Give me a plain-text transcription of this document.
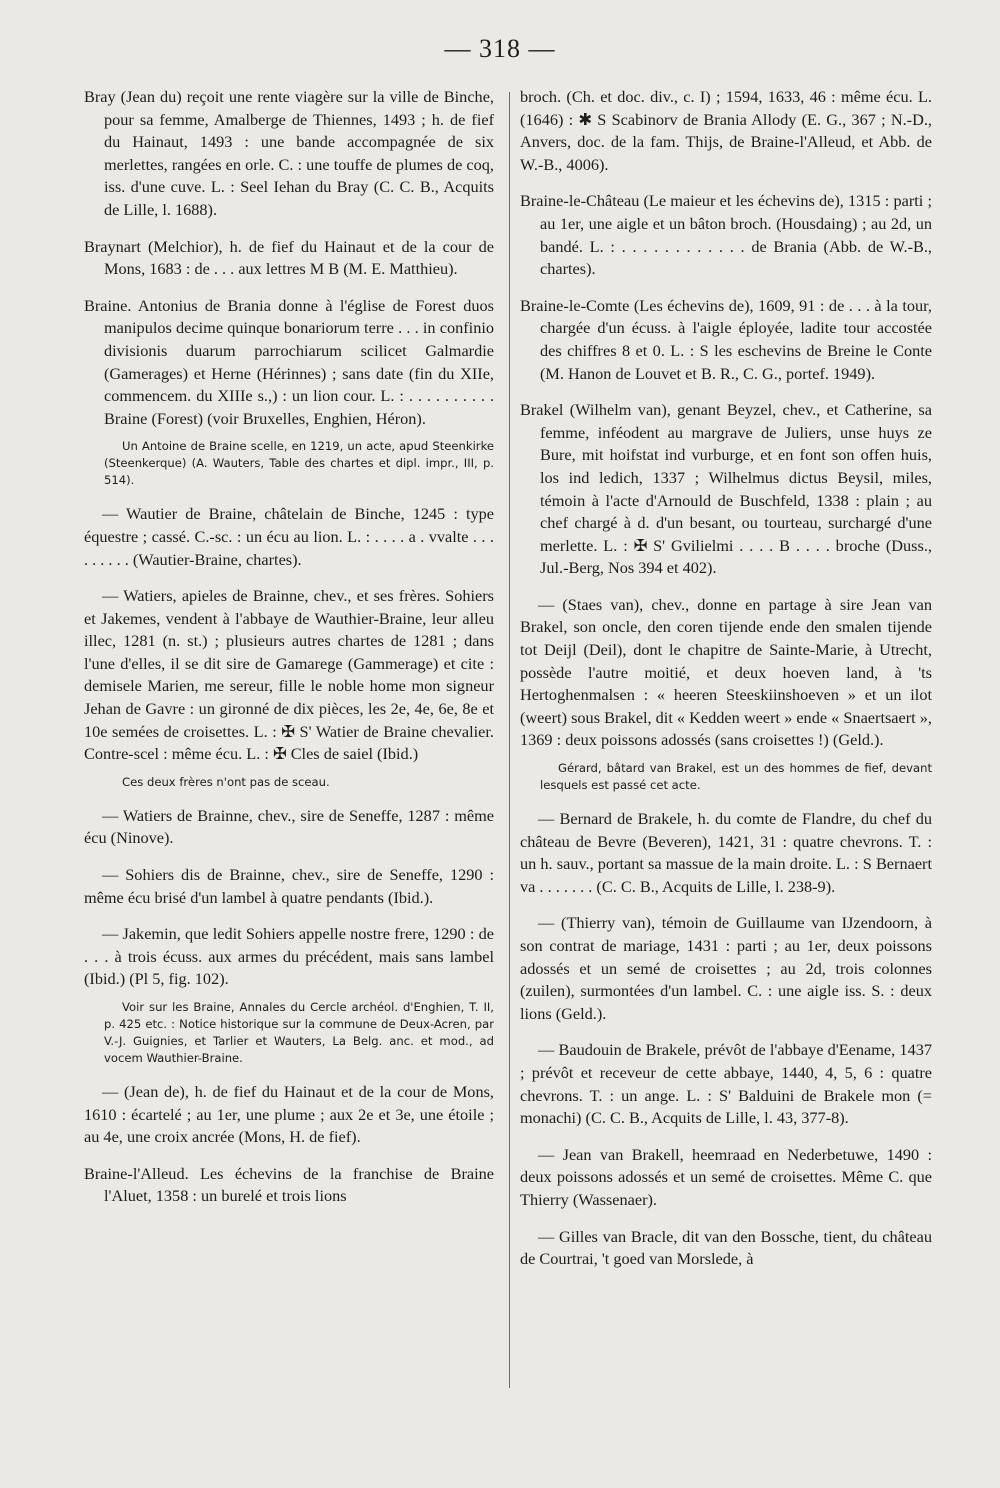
— 318 —

Bray (Jean du) reçoit une rente viagère sur la ville de Binche, pour sa femme, Amalberge de Thiennes, 1493 ; h. de fief du Hainaut, 1493 : une bande accompagnée de six merlettes, rangées en orle. C. : une touffe de plumes de coq, iss. d'une cuve. L. : Seel Iehan du Bray (C. C. B., Acquits de Lille, l. 1688).

Braynart (Melchior), h. de fief du Hainaut et de la cour de Mons, 1683 : de . . . aux lettres M B (M. E. Matthieu).

Braine. Antonius de Brania donne à l'église de Forest duos manipulos decime quinque bonariorum terre . . . in confinio divisionis duarum parrochiarum scilicet Galmardie (Gamerages) et Herne (Hérinnes) ; sans date (fin du XIIe, commencem. du XIIIe s.,) : un lion cour. L. : . . . . . . . . . . Braine (Forest) (voir Bruxelles, Enghien, Héron).

Un Antoine de Braine scelle, en 1219, un acte, apud Steenkirke (Steenkerque) (A. Wauters, Table des chartes et dipl. impr., III, p. 514).

— Wautier de Braine, châtelain de Binche, 1245 : type équestre ; cassé. C.-sc. : un écu au lion. L. : . . . . a . vvalte . . . . . . . . . (Wautier-Braine, chartes).

— Watiers, apieles de Brainne, chev., et ses frères. Sohiers et Jakemes, vendent à l'abbaye de Wauthier-Braine, leur alleu illec, 1281 (n. st.) ; plusieurs autres chartes de 1281 ; dans l'une d'elles, il se dit sire de Gamarege (Gammerage) et cite : demisele Marien, me sereur, fille le noble home mon signeur Jehan de Gavre : un gironné de dix pièces, les 2e, 4e, 6e, 8e et 10e semées de croisettes. L. : ✠ S' Watier de Braine chevalier. Contre-scel : même écu. L. : ✠ Cles de saiel (Ibid.)

Ces deux frères n'ont pas de sceau.

— Watiers de Brainne, chev., sire de Seneffe, 1287 : même écu (Ninove).

— Sohiers dis de Brainne, chev., sire de Seneffe, 1290 : même écu brisé d'un lambel à quatre pendants (Ibid.).

— Jakemin, que ledit Sohiers appelle nostre frere, 1290 : de . . . à trois écuss. aux armes du précédent, mais sans lambel (Ibid.) (Pl 5, fig. 102).

Voir sur les Braine, Annales du Cercle archéol. d'Enghien, T. II, p. 425 etc. : Notice historique sur la commune de Deux-Acren, par V.-J. Guignies, et Tarlier et Wauters, La Belg. anc. et mod., ad vocem Wauthier-Braine.

— (Jean de), h. de fief du Hainaut et de la cour de Mons, 1610 : écartelé ; au 1er, une plume ; aux 2e et 3e, une étoile ; au 4e, une croix ancrée (Mons, H. de fief).

Braine-l'Alleud. Les échevins de la franchise de Braine l'Aluet, 1358 : un burelé et trois lions

broch. (Ch. et doc. div., c. I) ; 1594, 1633, 46 : même écu. L. (1646) : ✱ S Scabinorv de Brania Allody (E. G., 367 ; N.-D., Anvers, doc. de la fam. Thijs, de Braine-l'Alleud, et Abb. de W.-B., 4006).

Braine-le-Château (Le maieur et les échevins de), 1315 : parti ; au 1er, une aigle et un bâton broch. (Housdaing) ; au 2d, un bandé. L. : . . . . . . . . . . . . de Brania (Abb. de W.-B., chartes).

Braine-le-Comte (Les échevins de), 1609, 91 : de . . . à la tour, chargée d'un écuss. à l'aigle éployée, ladite tour accostée des chiffres 8 et 0. L. : S les eschevins de Breine le Conte (M. Hanon de Louvet et B. R., C. G., portef. 1949).

Brakel (Wilhelm van), genant Beyzel, chev., et Catherine, sa femme, inféodent au margrave de Juliers, unse huys ze Bure, mit hoifstat ind vurburge, et en font son offen huis, los ind ledich, 1337 ; Wilhelmus dictus Beysil, miles, témoin à l'acte d'Arnould de Buschfeld, 1338 : plain ; au chef chargé à d. d'un besant, ou tourteau, surchargé d'une merlette. L. : ✠ S' Gvilielmi . . . . B . . . . broche (Duss., Jul.-Berg, Nos 394 et 402).

— (Staes van), chev., donne en partage à sire Jean van Brakel, son oncle, den coren tijende ende den smalen tijende tot Deijl (Deil), dont le chapitre de Sainte-Marie, à Utrecht, possède l'autre moitié, et deux hoeven land, à 'ts Hertoghenmalsen : « heeren Steeskiinshoeven » et un ilot (weert) sous Brakel, dit « Kedden weert » ende « Snaertsaert », 1369 : deux poissons adossés (sans croisettes !) (Geld.).

Gérard, bâtard van Brakel, est un des hommes de fief, devant lesquels est passé cet acte.

— Bernard de Brakele, h. du comte de Flandre, du chef du château de Bevre (Beveren), 1421, 31 : quatre chevrons. T. : un h. sauv., portant sa massue de la main droite. L. : S Bernaert va . . . . . . . (C. C. B., Acquits de Lille, l. 238-9).

— (Thierry van), témoin de Guillaume van IJzendoorn, à son contrat de mariage, 1431 : parti ; au 1er, deux poissons adossés et un semé de croisettes ; au 2d, trois colonnes (zuilen), surmontées d'un lambel. C. : une aigle iss. S. : deux lions (Geld.).

— Baudouin de Brakele, prévôt de l'abbaye d'Eename, 1437 ; prévôt et receveur de cette abbaye, 1440, 4, 5, 6 : quatre chevrons. T. : un ange. L. : S' Balduini de Brakele mon (= monachi) (C. C. B., Acquits de Lille, l. 43, 377-8).

— Jean van Brakell, heemraad en Nederbetuwe, 1490 : deux poissons adossés et un semé de croisettes. Même C. que Thierry (Wassenaer).

— Gilles van Bracle, dit van den Bossche, tient, du château de Courtrai, 't goed van Morslede, à
